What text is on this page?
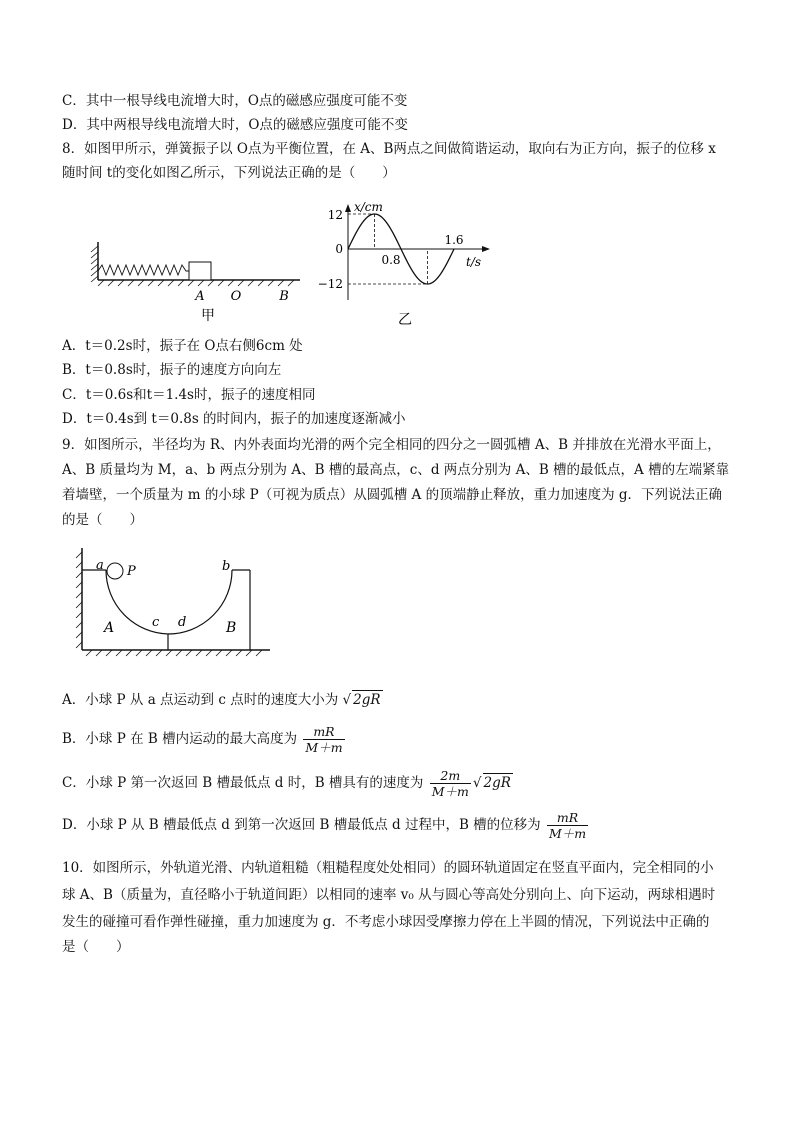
C．其中一根导线电流增大时，O点的磁感应强度可能不变
D．其中两根导线电流增大时，O点的磁感应强度可能不变
8．如图甲所示，弹簧振子以 O点为平衡位置，在 A、B两点之间做简谐运动，取向右为正方向，振子的位移 x
随时间 t的变化如图乙所示，下列说法正确的是（　　）
A O	B
甲
x/cm
t/s
12
0
−12
0.8
1.6
乙
A．t＝0.2s时，振子在 O点右侧6cm 处
B．t＝0.8s时，振子的速度方向向左
C．t＝0.6s和t＝1.4s时，振子的速度相同
D．t＝0.4s到 t＝0.8s 的时间内，振子的加速度逐渐减小
9．如图所示，半径均为 R、内外表面均光滑的两个完全相同的四分之一圆弧槽 A、B 并排放在光滑水平面上，
A、B 质量均为 M，a、b 两点分别为 A、B 槽的最高点，c、d 两点分别为 A、B 槽的最低点，A 槽的左端紧靠
着墙壁，一个质量为 m 的小球 P（可视为质点）从圆弧槽 A 的顶端静止释放，重力加速度为 g．下列说法正确
的是（　　）
a P	b
c d
A	B
A．小球 P 从 a 点运动到 c 点时的速度大小为 √ 2gR
B．小球 P 在 B 槽内运动的最大高度为 $\frac{mR}{M+m}$
C．小球 P 第一次返回 B 槽最低点 d 时，B 槽具有的速度为 $\frac{2m}{M+m}$ √ 2gR
D．小球 P 从 B 槽最低点 d 到第一次返回 B 槽最低点 d 过程中，B 槽的位移为 $\frac{mR}{M+m}$
10．如图所示，外轨道光滑、内轨道粗糙（粗糙程度处处相同）的圆环轨道固定在竖直平面内，完全相同的小
球 A、B（质量为，直径略小于轨道间距）以相同的速率 v₀ 从与圆心等高处分别向上、向下运动，两球相遇时
发生的碰撞可看作弹性碰撞，重力加速度为 g．不考虑小球因受摩擦力停在上半圆的情况，下列说法中正确的
是（　　）
